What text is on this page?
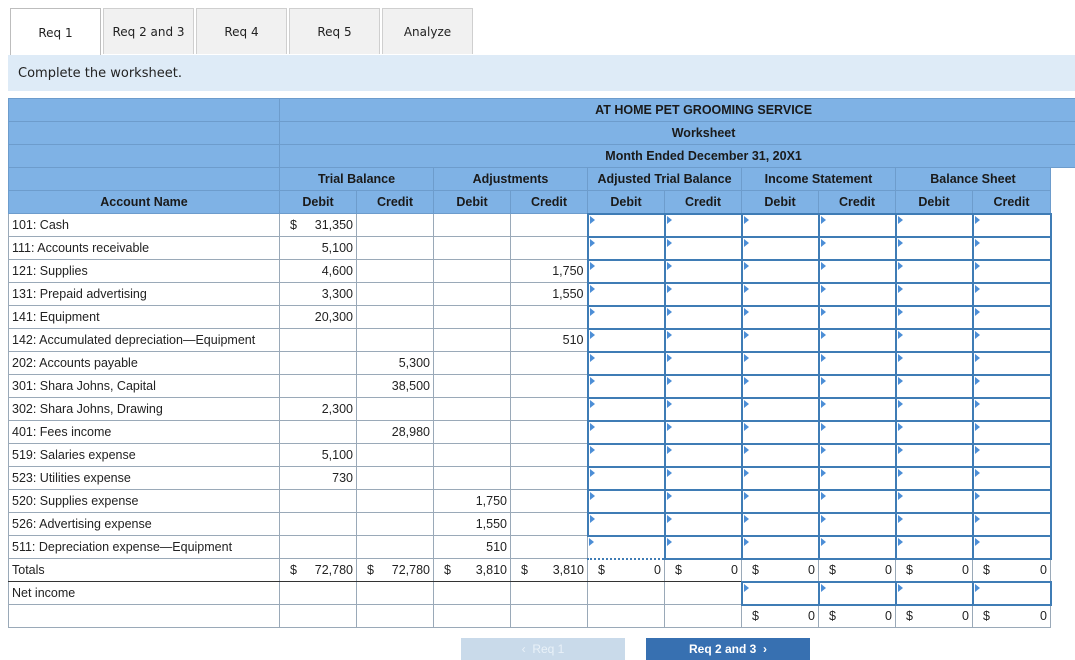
Req 1	Req 2 and 3	Req 4	Req 5	Analyze
Complete the worksheet.
	AT HOME PET GROOMING SERVICE									
	Worksheet									
	Month Ended December 31, 20X1									
	Trial Balance		Adjustments		Adjusted Trial Balance		Income Statement		Balance Sheet	
Account Name	Debit	Credit	Debit	Credit	Debit	Credit	Debit	Credit	Debit	Credit
101: Cash	$ 31,350									

111: Accounts receivable	5,100									
121: Supplies	4,600			1,750						
131: Prepaid advertising	3,300			1,550						
141: Equipment	20,300									
142: Accumulated depreciation—Equipment				510						
202: Accounts payable		5,300								
301: Shara Johns, Capital		38,500								
302: Shara Johns, Drawing	2,300									
401: Fees income		28,980								
519: Salaries expense	5,100									
523: Utilities expense	730									
520: Supplies expense			1,750							
526: Advertising expense			1,550							
511: Depreciation expense—Equipment			510							
Totals	$ 72,780	$ 72,780	$ 3,810	$ 3,810	$ 0	$ 0	$ 0	$ 0	$ 0	$ 0

Net income										

							$ 0	$ 0	$ 0	$ 0
‹ Req 1	Req 2 and 3 ›
